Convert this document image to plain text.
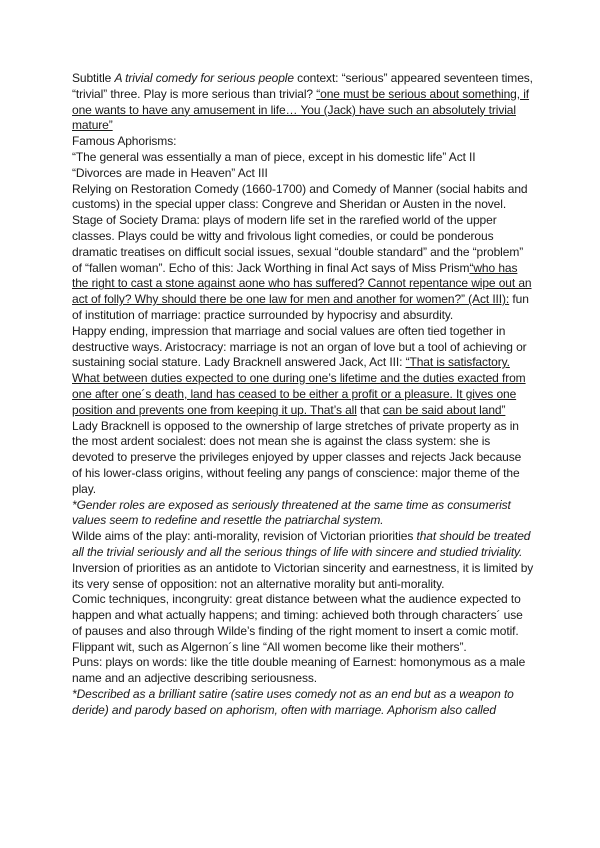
Subtitle A trivial comedy for serious people context: “serious” appeared seventeen times, “trivial” three. Play is more serious than trivial? “one must be serious about something, if one wants to have any amusement in life… You (Jack) have such an absolutely trivial mature”

Famous Aphorisms:

“The general was essentially a man of piece, except in his domestic life” Act II

“Divorces are made in Heaven” Act III

Relying on Restoration Comedy (1660-1700) and Comedy of Manner (social habits and customs) in the special upper class: Congreve and Sheridan or Austen in the novel.

Stage of Society Drama: plays of modern life set in the rarefied world of the upper classes. Plays could be witty and frivolous light comedies, or could be ponderous dramatic treatises on difficult social issues, sexual “double standard” and the “problem” of “fallen woman”. Echo of this: Jack Worthing in final Act says of Miss Prism“who has the right to cast a stone against aone who has suffered? Cannot repentance wipe out an act of folly? Why should there be one law for men and another for women?” (Act III): fun of institution of marriage: practice surrounded by hypocrisy and absurdity.

Happy ending, impression that marriage and social values are often tied together in destructive ways. Aristocracy: marriage is not an organ of love but a tool of achieving or sustaining social stature. Lady Bracknell answered Jack, Act III: “That is satisfactory. What between duties expected to one during one’s lifetime and the duties exacted from one after one´s death, land has ceased to be either a profit or a pleasure. It gives one position and prevents one from keeping it up. That’s all that can be said about land” Lady Bracknell is opposed to the ownership of large stretches of private property as in the most ardent socialest: does not mean she is against the class system: she is devoted to preserve the privileges enjoyed by upper classes and rejects Jack because of his lower-class origins, without feeling any pangs of conscience: major theme of the play.

*Gender roles are exposed as seriously threatened at the same time as consumerist values seem to redefine and resettle the patriarchal system.

Wilde aims of the play: anti-morality, revision of Victorian priorities that should be treated all the trivial seriously and all the serious things of life with sincere and studied triviality. Inversion of priorities as an antidote to Victorian sincerity and earnestness, it is limited by its very sense of opposition: not an alternative morality but anti-morality.

Comic techniques, incongruity: great distance between what the audience expected to happen and what actually happens; and timing: achieved both through characters´ use of pauses and also through Wilde’s finding of the right moment to insert a comic motif. Flippant wit, such as Algernon´s line “All women become like their mothers”.

Puns: plays on words: like the title double meaning of Earnest: homonymous as a male name and an adjective describing seriousness.

*Described as a brilliant satire (satire uses comedy not as an end but as a weapon to deride) and parody based on aphorism, often with marriage. Aphorism also called
